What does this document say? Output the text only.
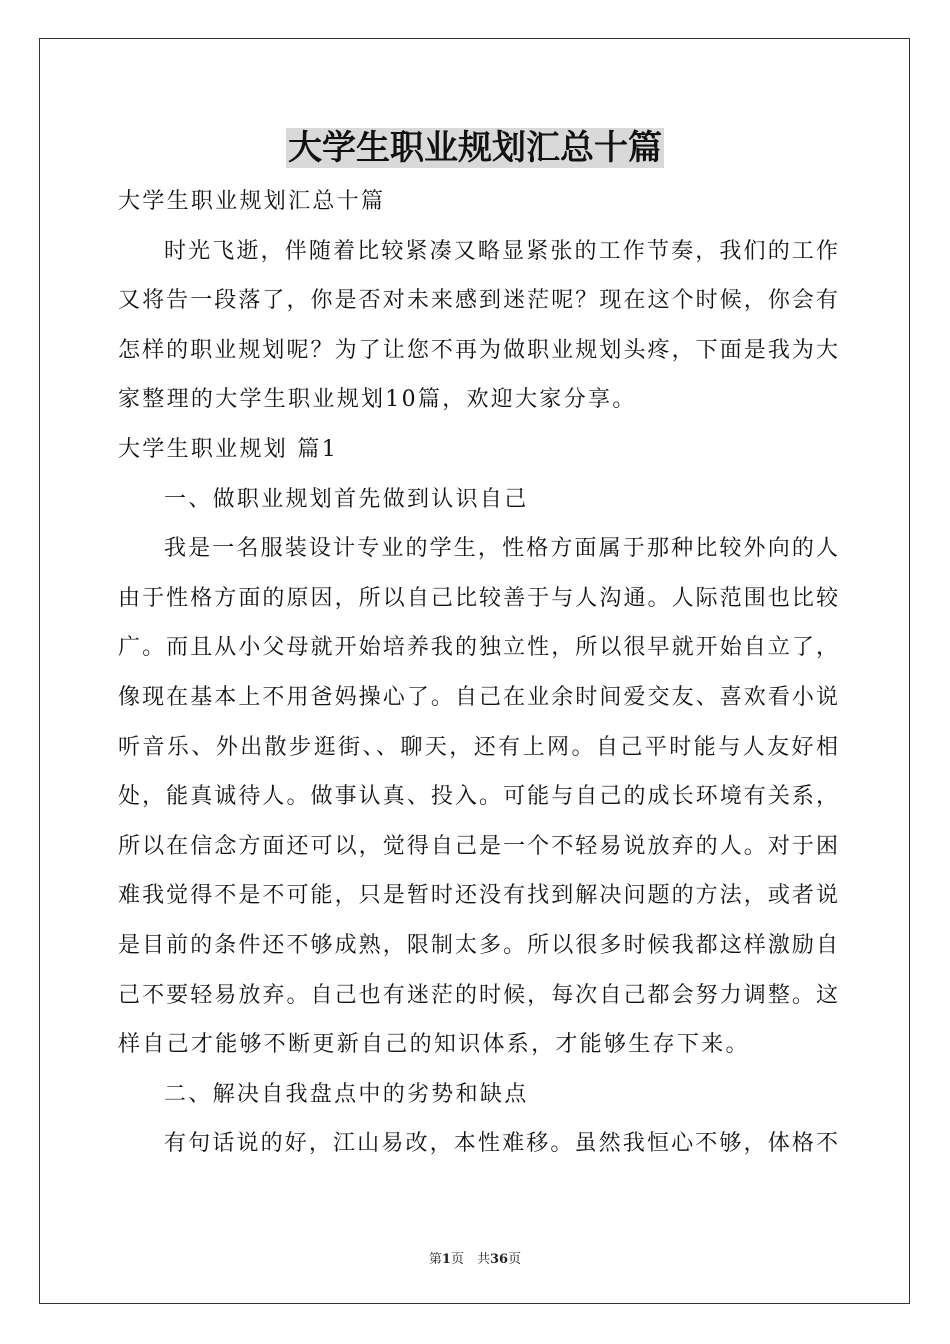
大学生职业规划汇总十篇

大学生职业规划汇总十篇

时光飞逝，伴随着比较紧凑又略显紧张的工作节奏，我们的工作

又将告一段落了，你是否对未来感到迷茫呢？现在这个时候，你会有

怎样的职业规划呢？为了让您不再为做职业规划头疼，下面是我为大

家整理的大学生职业规划10篇，欢迎大家分享。

大学生职业规划 篇1

一、做职业规划首先做到认识自己

我是一名服装设计专业的学生，性格方面属于那种比较外向的人

由于性格方面的原因，所以自己比较善于与人沟通。人际范围也比较

广。而且从小父母就开始培养我的独立性，所以很早就开始自立了，

像现在基本上不用爸妈操心了。自己在业余时间爱交友、喜欢看小说

听音乐、外出散步逛街、、聊天，还有上网。自己平时能与人友好相

处，能真诚待人。做事认真、投入。可能与自己的成长环境有关系，

所以在信念方面还可以，觉得自己是一个不轻易说放弃的人。对于困

难我觉得不是不可能，只是暂时还没有找到解决问题的方法，或者说

是目前的条件还不够成熟，限制太多。所以很多时候我都这样激励自

己不要轻易放弃。自己也有迷茫的时候，每次自己都会努力调整。这

样自己才能够不断更新自己的知识体系，才能够生存下来。

二、解决自我盘点中的劣势和缺点

有句话说的好，江山易改，本性难移。虽然我恒心不够，体格不

第1页　共36页
